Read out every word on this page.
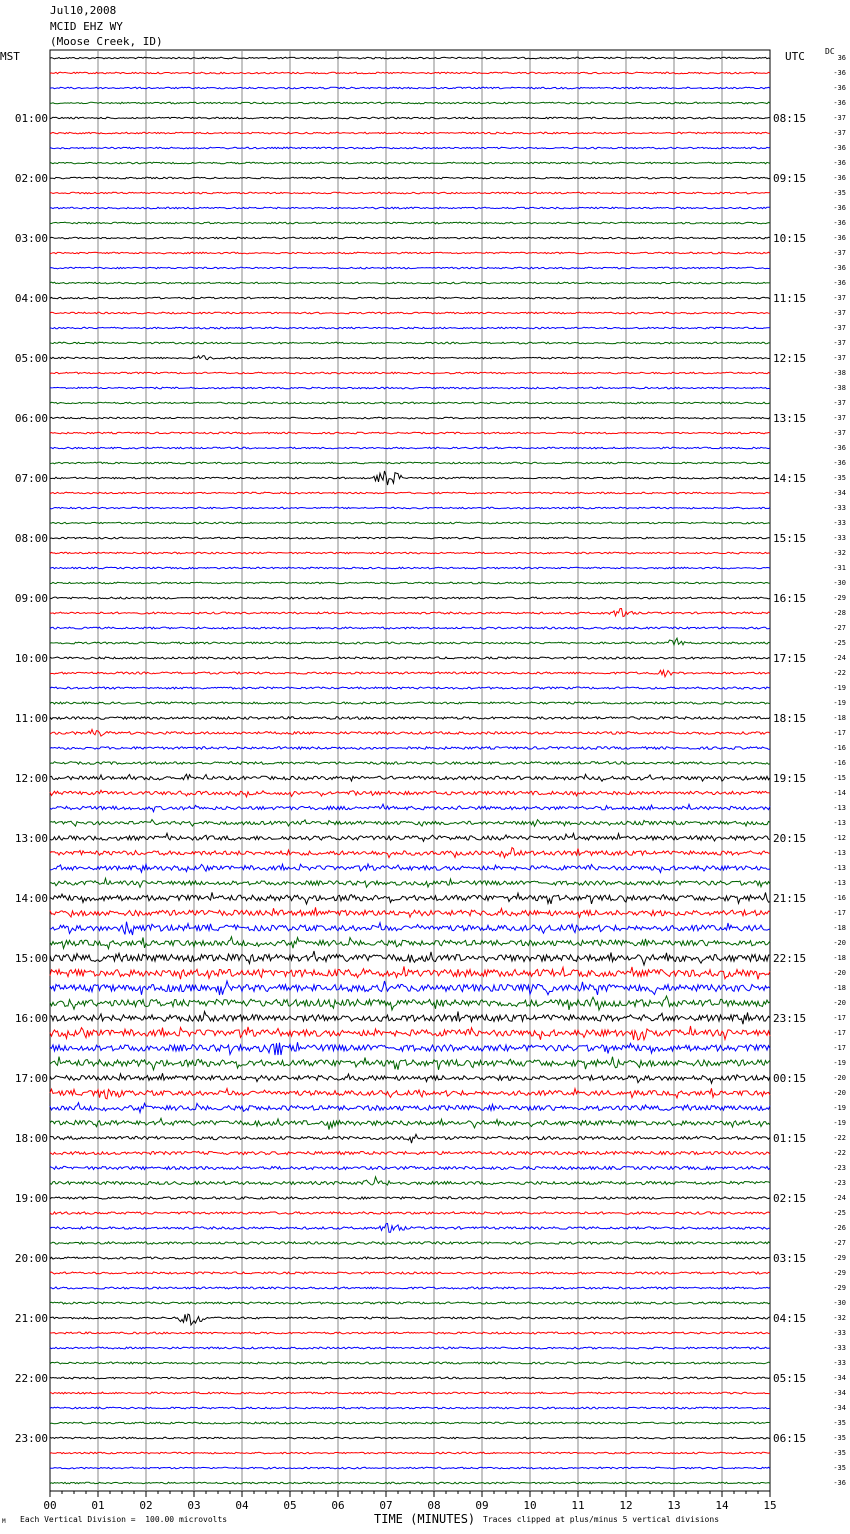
Jul10,2008
MCID EHZ WY
(Moose Creek, ID)
MST	UTC	DC
00	01	02	03	04	05	06	07	08	09	10	11	12	13	14	15
36
-36
-36
-36
-37
-37
-36
-36
-36
-35
-36
-36
-36
-37
-36
-36
-37
-37
-37
-37
-37
-38
-38
-37
-37
-37
-36
-36
-35
-34
-33
-33
-33
-32
-31
-30
-29
-28
-27
-25
-24
-22
-19
-19
-18
-17
-16
-16
-15
-14
-13
-13
-12
-13
-13
-13
-16
-17
-18
-20
-18
-20
-18
-20
-17
-17
-17
-19
-20
-20
-19
-19
-22
-22
-23
-23
-24
-25
-26
-27
-29
-29
-29
-30
-32
-33
-33
-33
-34
-34
-34
-35
-35
-35
-35
-36
01:00
02:00
03:00
04:00
05:00
06:00
07:00
08:00
09:00
10:00
11:00
12:00
13:00
14:00
15:00
16:00
17:00
18:00
19:00
20:00
21:00
22:00
23:00
08:15
09:15
10:15
11:15
12:15
13:15
14:15
15:15
16:15
17:15
18:15
19:15
20:15
21:15
22:15
23:15
00:15
01:15
02:15
03:15
04:15
05:15
06:15
TIME (MINUTES)
Each Vertical Division =  100.00 microvolts	Traces clipped at plus/minus 5 vertical divisions
M
